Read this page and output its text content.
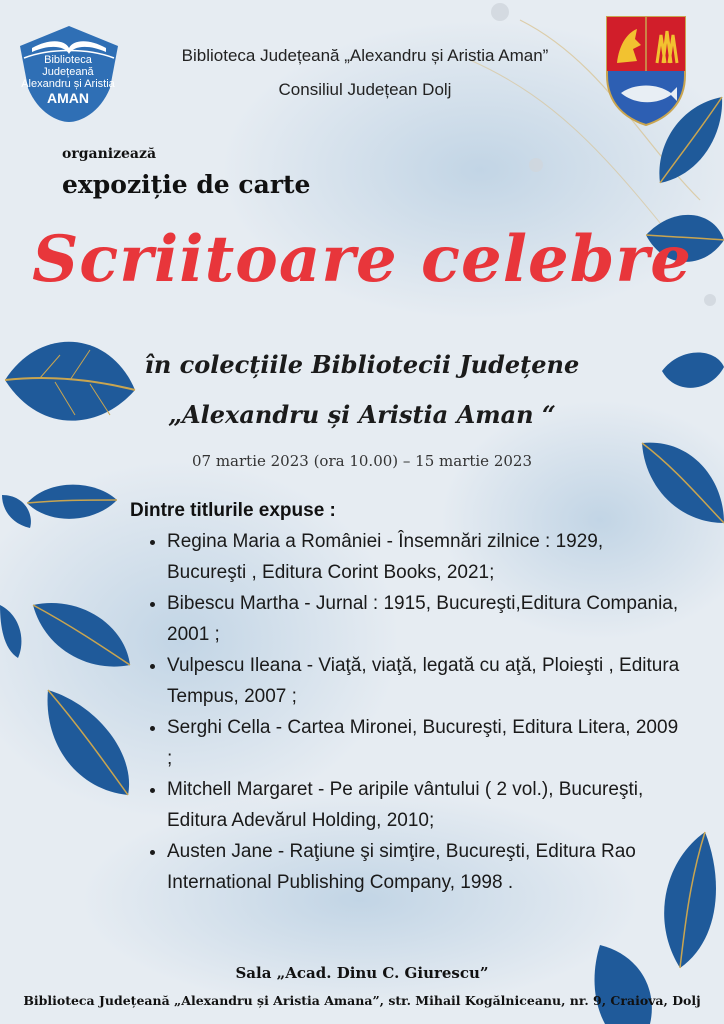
Biblioteca Județeană
Alexandru și Aristia
AMAN
Biblioteca Județeană „Alexandru și Aristia Aman”
Consiliul Județean Dolj
organizează
expoziție de carte
Scriitoare celebre
în colecțiile Bibliotecii Județene
„Alexandru și Aristia Aman “
07 martie 2023 (ora 10.00) – 15 martie 2023
Dintre titlurile expuse :
• Regina Maria a României - Însemnări zilnice : 1929, Bucureşti , Editura Corint Books, 2021;
• Bibescu Martha - Jurnal : 1915, Bucureşti,Editura Compania, 2001 ;
• Vulpescu Ileana - Viaţă, viaţă, legată cu aţă, Ploieşti , Editura Tempus, 2007 ;
• Serghi Cella - Cartea Mironei, Bucureşti, Editura Litera, 2009 ;
• Mitchell Margaret - Pe aripile vântului ( 2 vol.), Bucureşti, Editura Adevărul Holding, 2010;
• Austen Jane - Raţiune şi simţire, Bucureşti, Editura Rao International Publishing Company, 1998 .
Sala „Acad. Dinu C. Giurescu”
Biblioteca Județeană „Alexandru și Aristia Amana”, str. Mihail Kogălniceanu, nr. 9, Craiova, Dolj
